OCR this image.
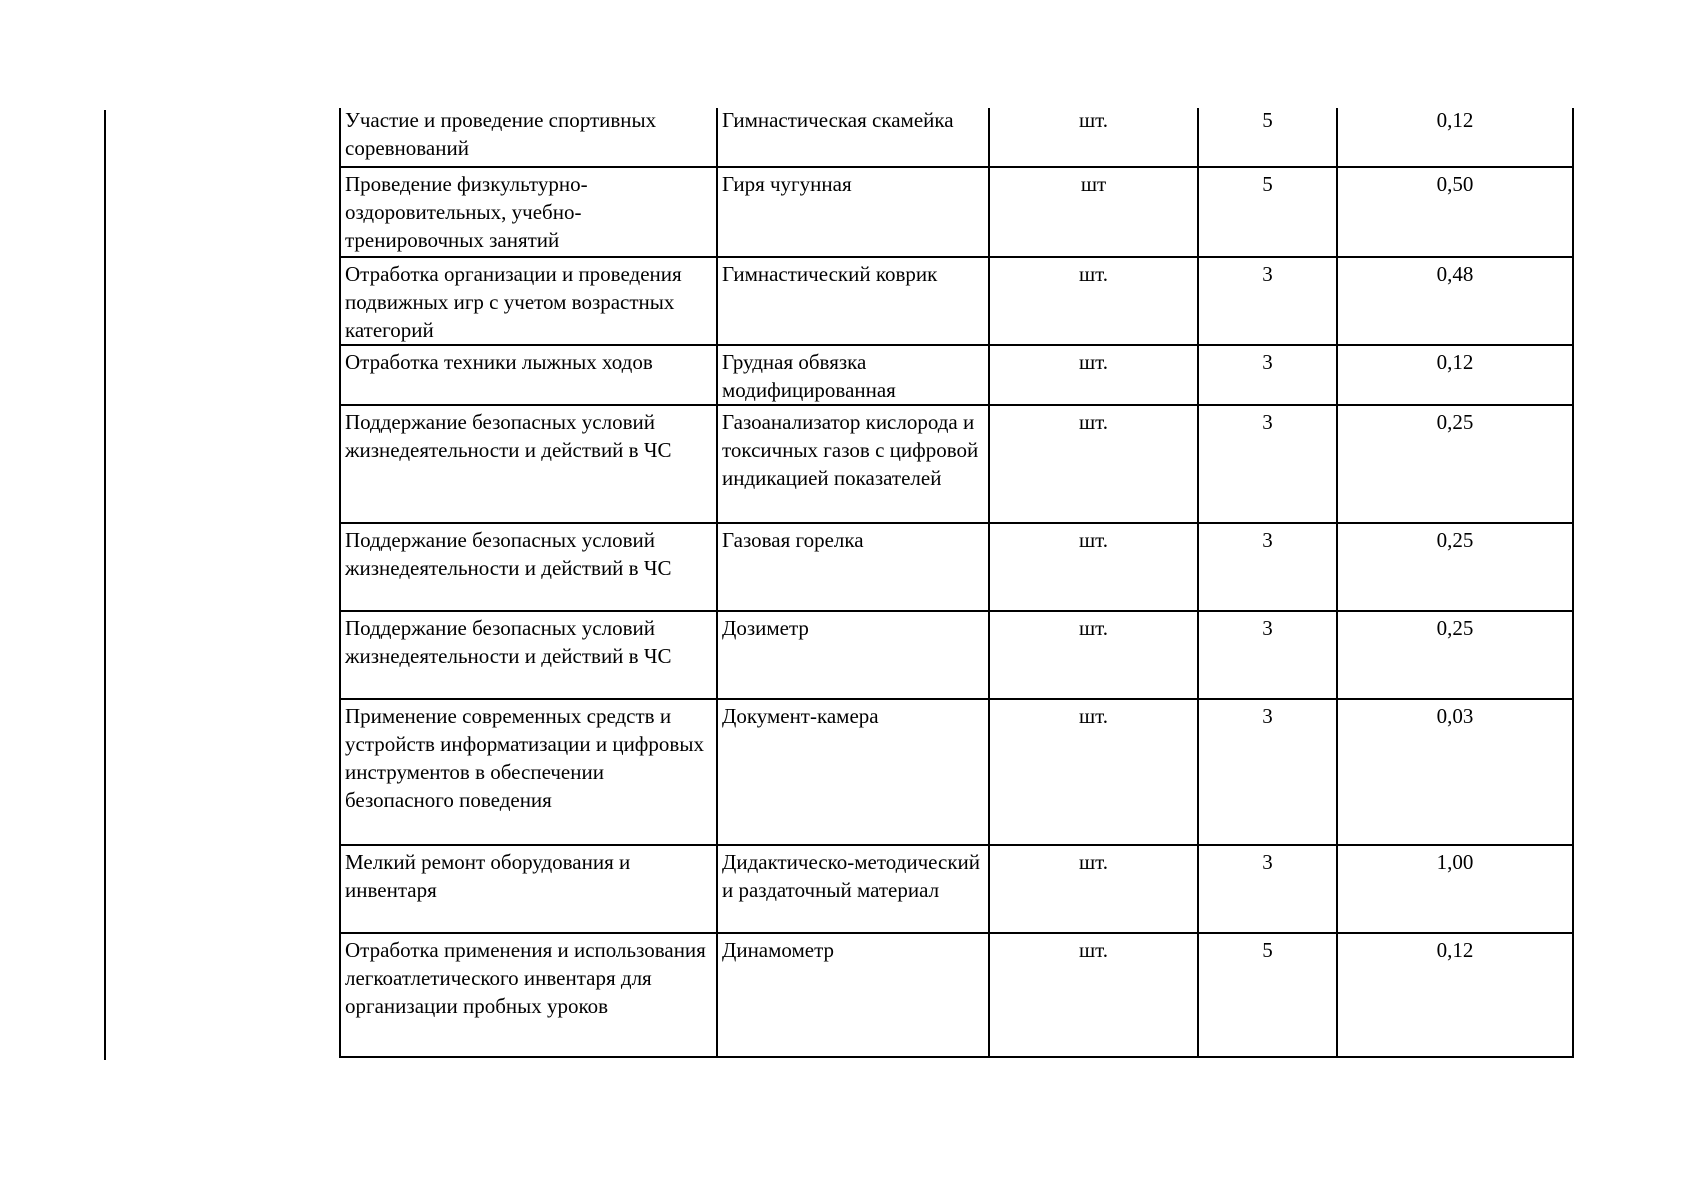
Участие и проведение спортивных соревнований	Гимнастическая скамейка	шт.	5	0,12

Проведение физкультурно-оздоровительных, учебно-тренировочных занятий	Гиря чугунная	шт	5	0,50
Отработка организации и проведения подвижных игр с учетом возрастных категорий	Гимнастический коврик	шт.	3	0,48
Отработка техники лыжных ходов	Грудная обвязка модифицированная	шт.	3	0,12
Поддержание безопасных условий жизнедеятельности и действий в ЧС	Газоанализатор кислорода и токсичных газов с цифровой индикацией показателей	шт.	3	0,25
Поддержание безопасных условий жизнедеятельности и действий в ЧС	Газовая горелка	шт.	3	0,25
Поддержание безопасных условий жизнедеятельности и действий в ЧС	Дозиметр	шт.	3	0,25
Применение современных средств и устройств информатизации и цифровых инструментов в обеспечении безопасного поведения	Документ-камера	шт.	3	0,03
Мелкий ремонт оборудования и инвентаря	Дидактическо-методический и раздаточный материал	шт.	3	1,00
Отработка применения и использования легкоатлетического инвентаря для организации пробных уроков	Динамометр	шт.	5	0,12
